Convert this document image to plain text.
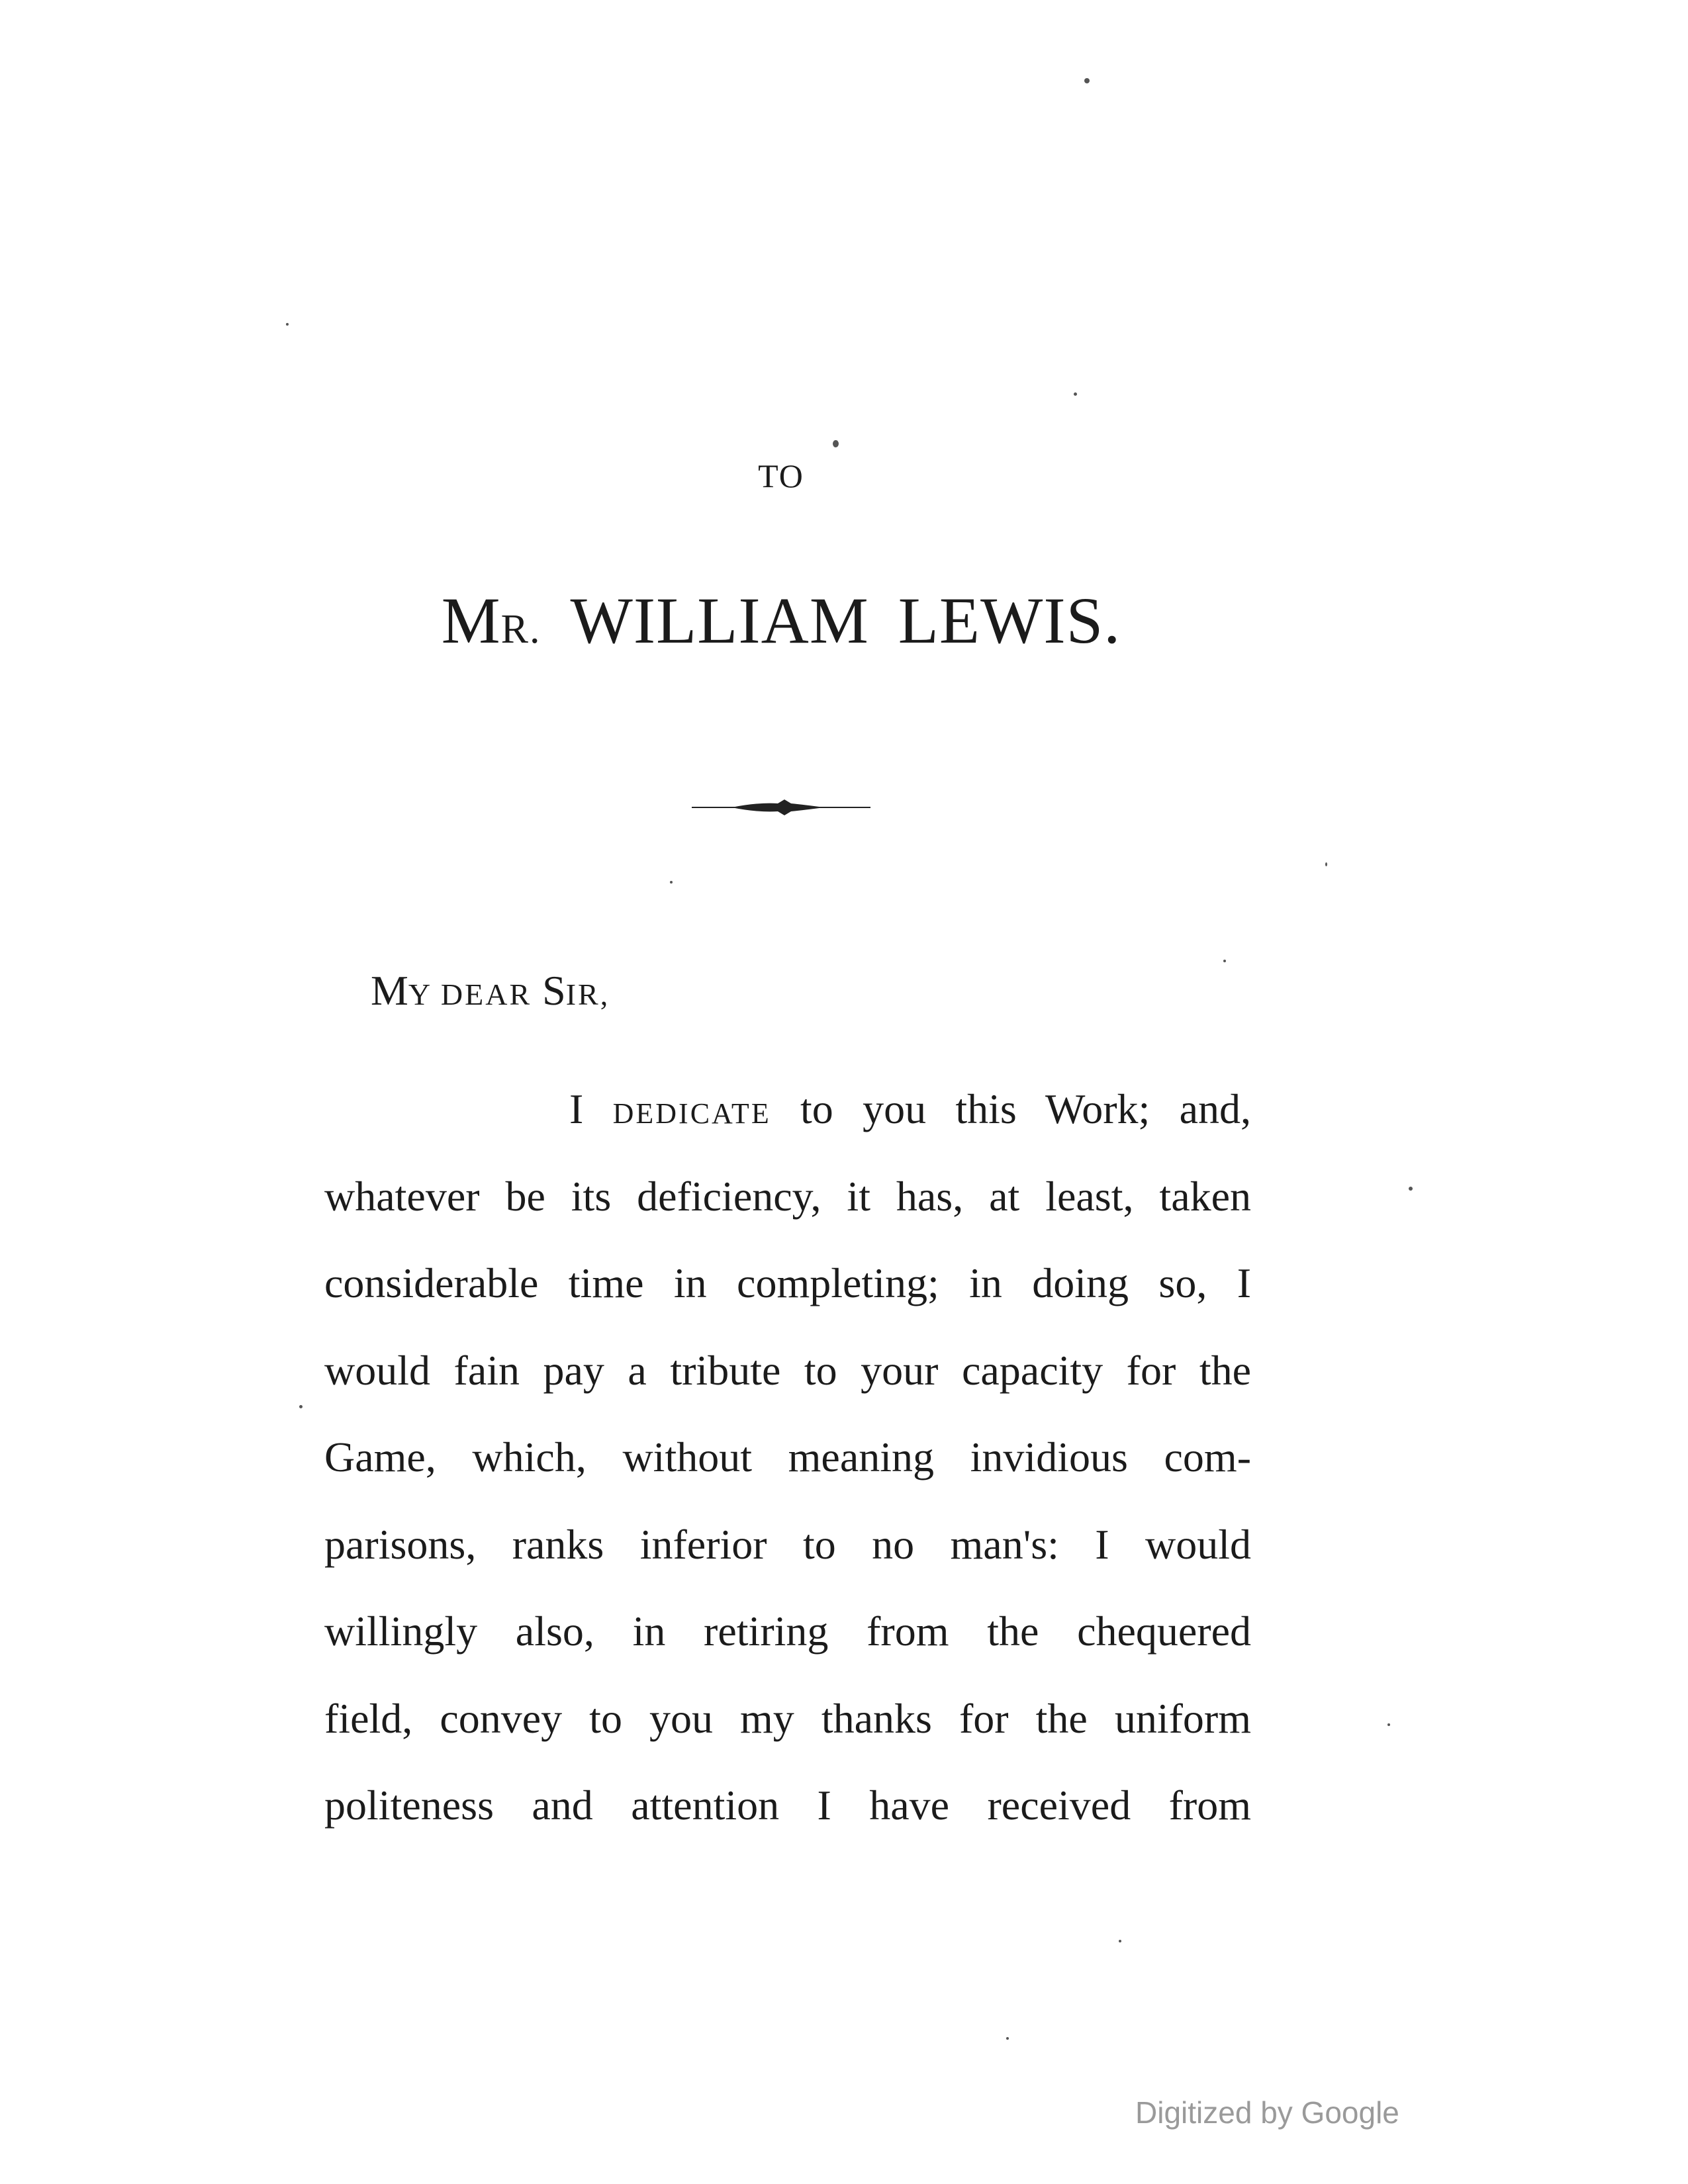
TO
MR. WILLIAM LEWIS.
MY DEAR SIR,
I DEDICATE to you this Work; and,
whatever be its deficiency, it has, at least, taken
considerable time in completing; in doing so, I
would fain pay a tribute to your capacity for the
Game, which, without meaning invidious com-
parisons, ranks inferior to no man's: I would
willingly also, in retiring from the chequered
field, convey to you my thanks for the uniform
politeness and attention I have received from
Digitized by Google
